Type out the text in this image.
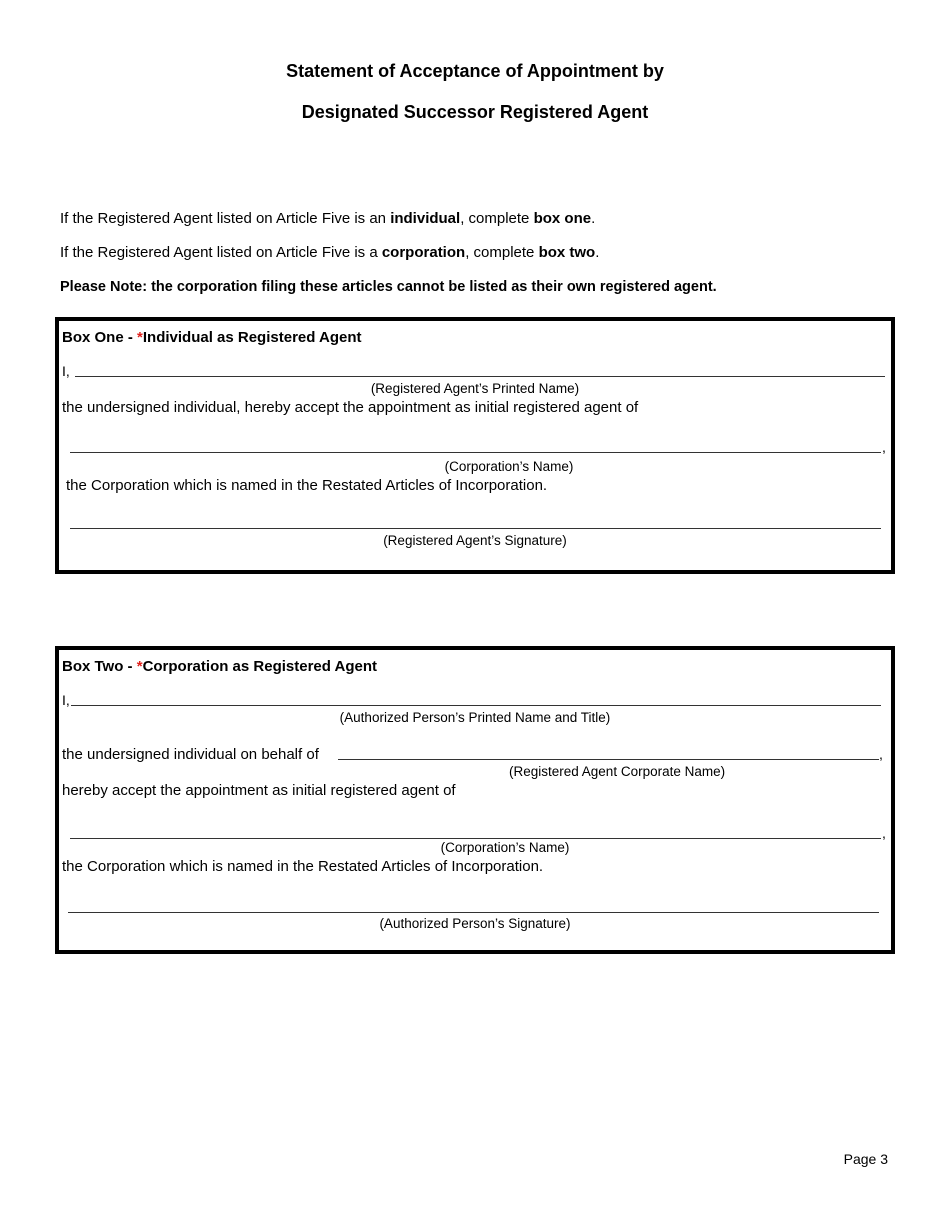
Statement of Acceptance of Appointment by
Designated Successor Registered Agent
If the Registered Agent listed on Article Five is an individual, complete box one.
If the Registered Agent listed on Article Five is a corporation, complete box two.
Please Note: the corporation filing these articles cannot be listed as their own registered agent.
Box One - *Individual as Registered Agent
I,
(Registered Agent’s Printed Name)
the undersigned individual, hereby accept the appointment as initial registered agent of
,
(Corporation’s Name)
the Corporation which is named in the Restated Articles of Incorporation.
(Registered Agent’s Signature)
Box Two - *Corporation as Registered Agent
I,
(Authorized Person’s Printed Name and Title)
the undersigned individual on behalf of	,
(Registered Agent Corporate Name)
hereby accept the appointment as initial registered agent of
,
(Corporation’s Name)
the Corporation which is named in the Restated Articles of Incorporation.
(Authorized Person’s Signature)
Page 3
